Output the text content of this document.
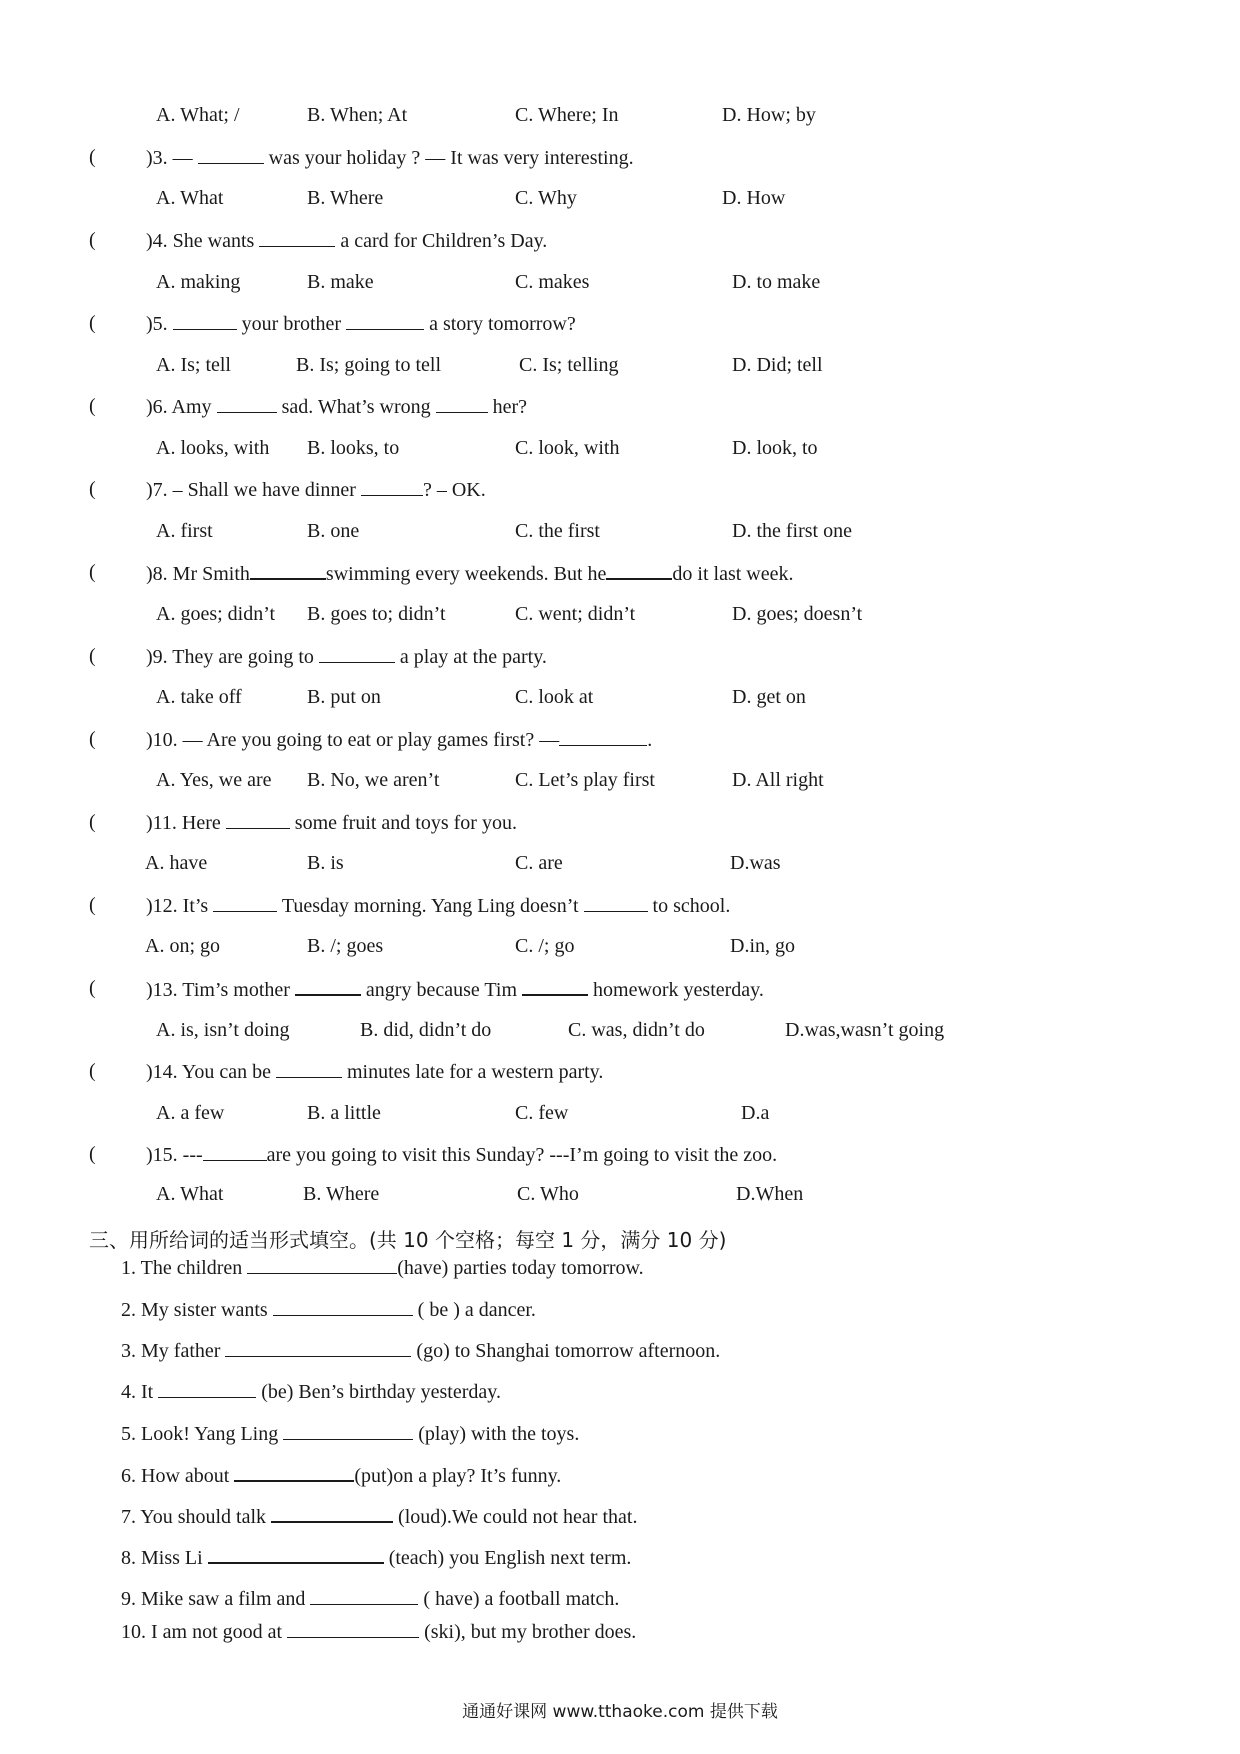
A. What; /	B. When; At	C. Where; In	D. How; by
(	)3. —	was your holiday ? — It was very interesting.
A. What	B. Where	C. Why	D. How
(	)4. She wants	a card for Children’s Day.
A. making	B. make	C. makes	D. to make
(	)5.	your brother	a story tomorrow?
A. Is; tell	B. Is; going to tell	C. Is; telling	D. Did; tell
(	)6. Amy	sad. What’s wrong	her?
A. looks, with B. looks, to	C. look, with	D. look, to
(	)7. – Shall we have dinner	? – OK.
A. first	B. one	C. the first	D. the first one
(	)8. Mr Smith	swimming every weekends. But he	do it last week.
A. goes; didn’t B. goes to; didn’t	C. went; didn’t	D. goes; doesn’t
(	)9. They are going to	a play at the party.
A. take off	B. put on	C. look at	D. get on
(	)10. — Are you going to eat or play games first? —	.
A. Yes, we are B. No, we aren’t	C. Let’s play first	D. All right
(	)11. Here	some fruit and toys for you.
A. have	B. is	C. are	D.was
(	)12. It’s	Tuesday morning. Yang Ling doesn’t	to school.
A. on; go	B. /; goes	C. /; go	D.in, go
(	)13. Tim’s mother	angry because Tim	homework yesterday.
A. is, isn’t doing	B. did, didn’t do	C. was, didn’t do	D.was,wasn’t going
(	)14. You can be	minutes late for a western party.
A. a few	B. a little	C. few	D.a
(	)15. ---	are you going to visit this Sunday? ---I’m going to visit the zoo.
A. What	B. Where	C. Who	D.When
三、用所给词的适当形式填空。(共 10 个空格；每空 1 分，满分 10 分)
1. The children	(have) parties today tomorrow.
2. My sister wants	( be ) a dancer.
3. My father	(go) to Shanghai tomorrow afternoon.
4. It	(be) Ben’s birthday yesterday.
5. Look! Yang Ling	(play) with the toys.
6. How about	(put)on a play? It’s funny.
7. You should talk	(loud).We could not hear that.
8. Miss Li	(teach) you English next term.
9. Mike saw a film and	( have) a football match.
10. I am not good at	(ski), but my brother does.
通通好课网 www.tthaoke.com 提供下载
